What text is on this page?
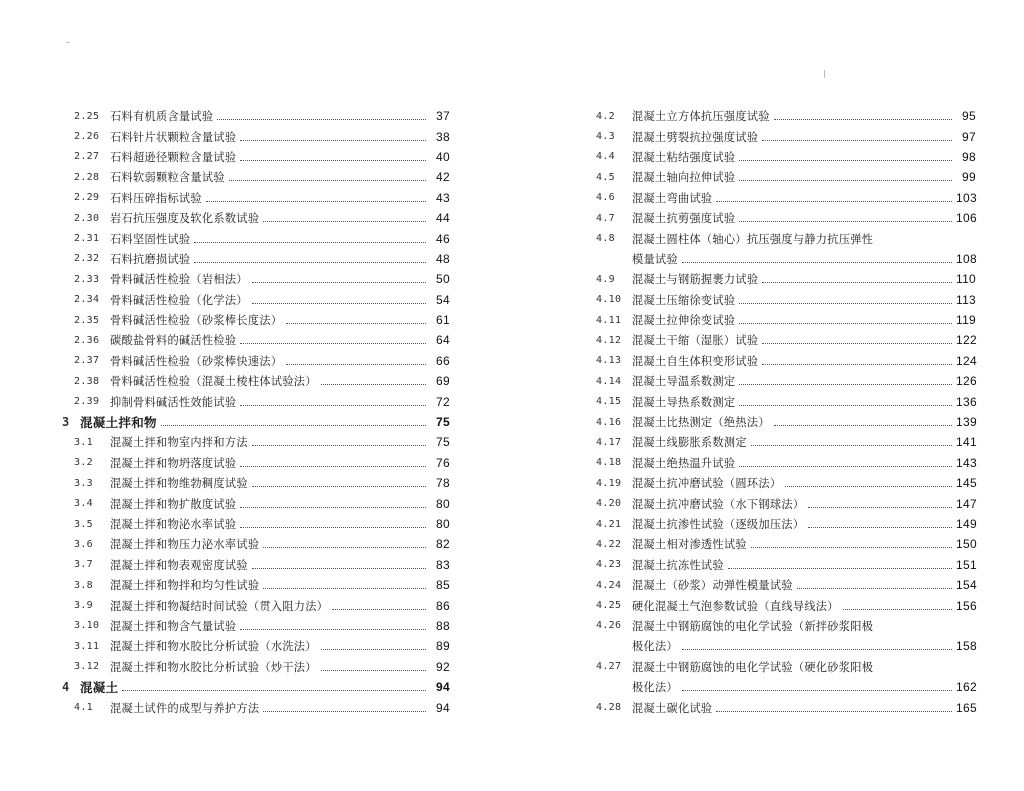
2.25 石料有机质含量试验	37
2.26 石料针片状颗粒含量试验	38
2.27 石料超逊径颗粒含量试验	40
2.28 石料软弱颗粒含量试验	42
2.29 石料压碎指标试验	43
2.30 岩石抗压强度及软化系数试验	44
2.31 石料坚固性试验	46
2.32 石料抗磨损试验	48
2.33 骨料碱活性检验（岩相法）	50
2.34 骨料碱活性检验（化学法）	54
2.35 骨料碱活性检验（砂浆棒长度法）	61
2.36 碳酸盐骨料的碱活性检验	64
2.37 骨料碱活性检验（砂浆棒快速法）	66
2.38 骨料碱活性检验（混凝土棱柱体试验法）	69
2.39 抑制骨料碱活性效能试验	72
3 混凝土拌和物	75
3.1	混凝土拌和物室内拌和方法	75
3.2	混凝土拌和物坍落度试验	76
3.3	混凝土拌和物维勃稠度试验	78
3.4	混凝土拌和物扩散度试验	80
3.5	混凝土拌和物泌水率试验	80
3.6	混凝土拌和物压力泌水率试验	82
3.7	混凝土拌和物表观密度试验	83
3.8	混凝土拌和物拌和均匀性试验	85
3.9	混凝土拌和物凝结时间试验（贯入阻力法）	86
3.10 混凝土拌和物含气量试验	88
3.11 混凝土拌和物水胶比分析试验（水洗法）	89
3.12 混凝土拌和物水胶比分析试验（炒干法）	92
4 混凝土	94
4.1	混凝土试件的成型与养护方法	94
4.2	混凝土立方体抗压强度试验	95
4.3	混凝土劈裂抗拉强度试验	97
4.4	混凝土粘结强度试验	98
4.5	混凝土轴向拉伸试验	99
4.6	混凝土弯曲试验	103
4.7	混凝土抗剪强度试验	106
4.8	混凝土圆柱体（轴心）抗压强度与静力抗压弹性
模量试验	108
4.9	混凝土与钢筋握裹力试验	110
4.10 混凝土压缩徐变试验	113
4.11 混凝土拉伸徐变试验	119
4.12 混凝土干缩（湿胀）试验	122
4.13 混凝土自生体积变形试验	124
4.14 混凝土导温系数测定	126
4.15 混凝土导热系数测定	136
4.16 混凝土比热测定（绝热法）	139
4.17 混凝土线膨胀系数测定	141
4.18 混凝土绝热温升试验	143
4.19 混凝土抗冲磨试验（圆环法）	145
4.20 混凝土抗冲磨试验（水下钢球法）	147
4.21 混凝土抗渗性试验（逐级加压法）	149
4.22 混凝土相对渗透性试验	150
4.23 混凝土抗冻性试验	151
4.24 混凝土（砂浆）动弹性模量试验	154
4.25 硬化混凝土气泡参数试验（直线导线法）	156
4.26 混凝土中钢筋腐蚀的电化学试验（新拌砂浆阳极
极化法）	158
4.27 混凝土中钢筋腐蚀的电化学试验（硬化砂浆阳极
极化法）	162
4.28 混凝土碳化试验	165
